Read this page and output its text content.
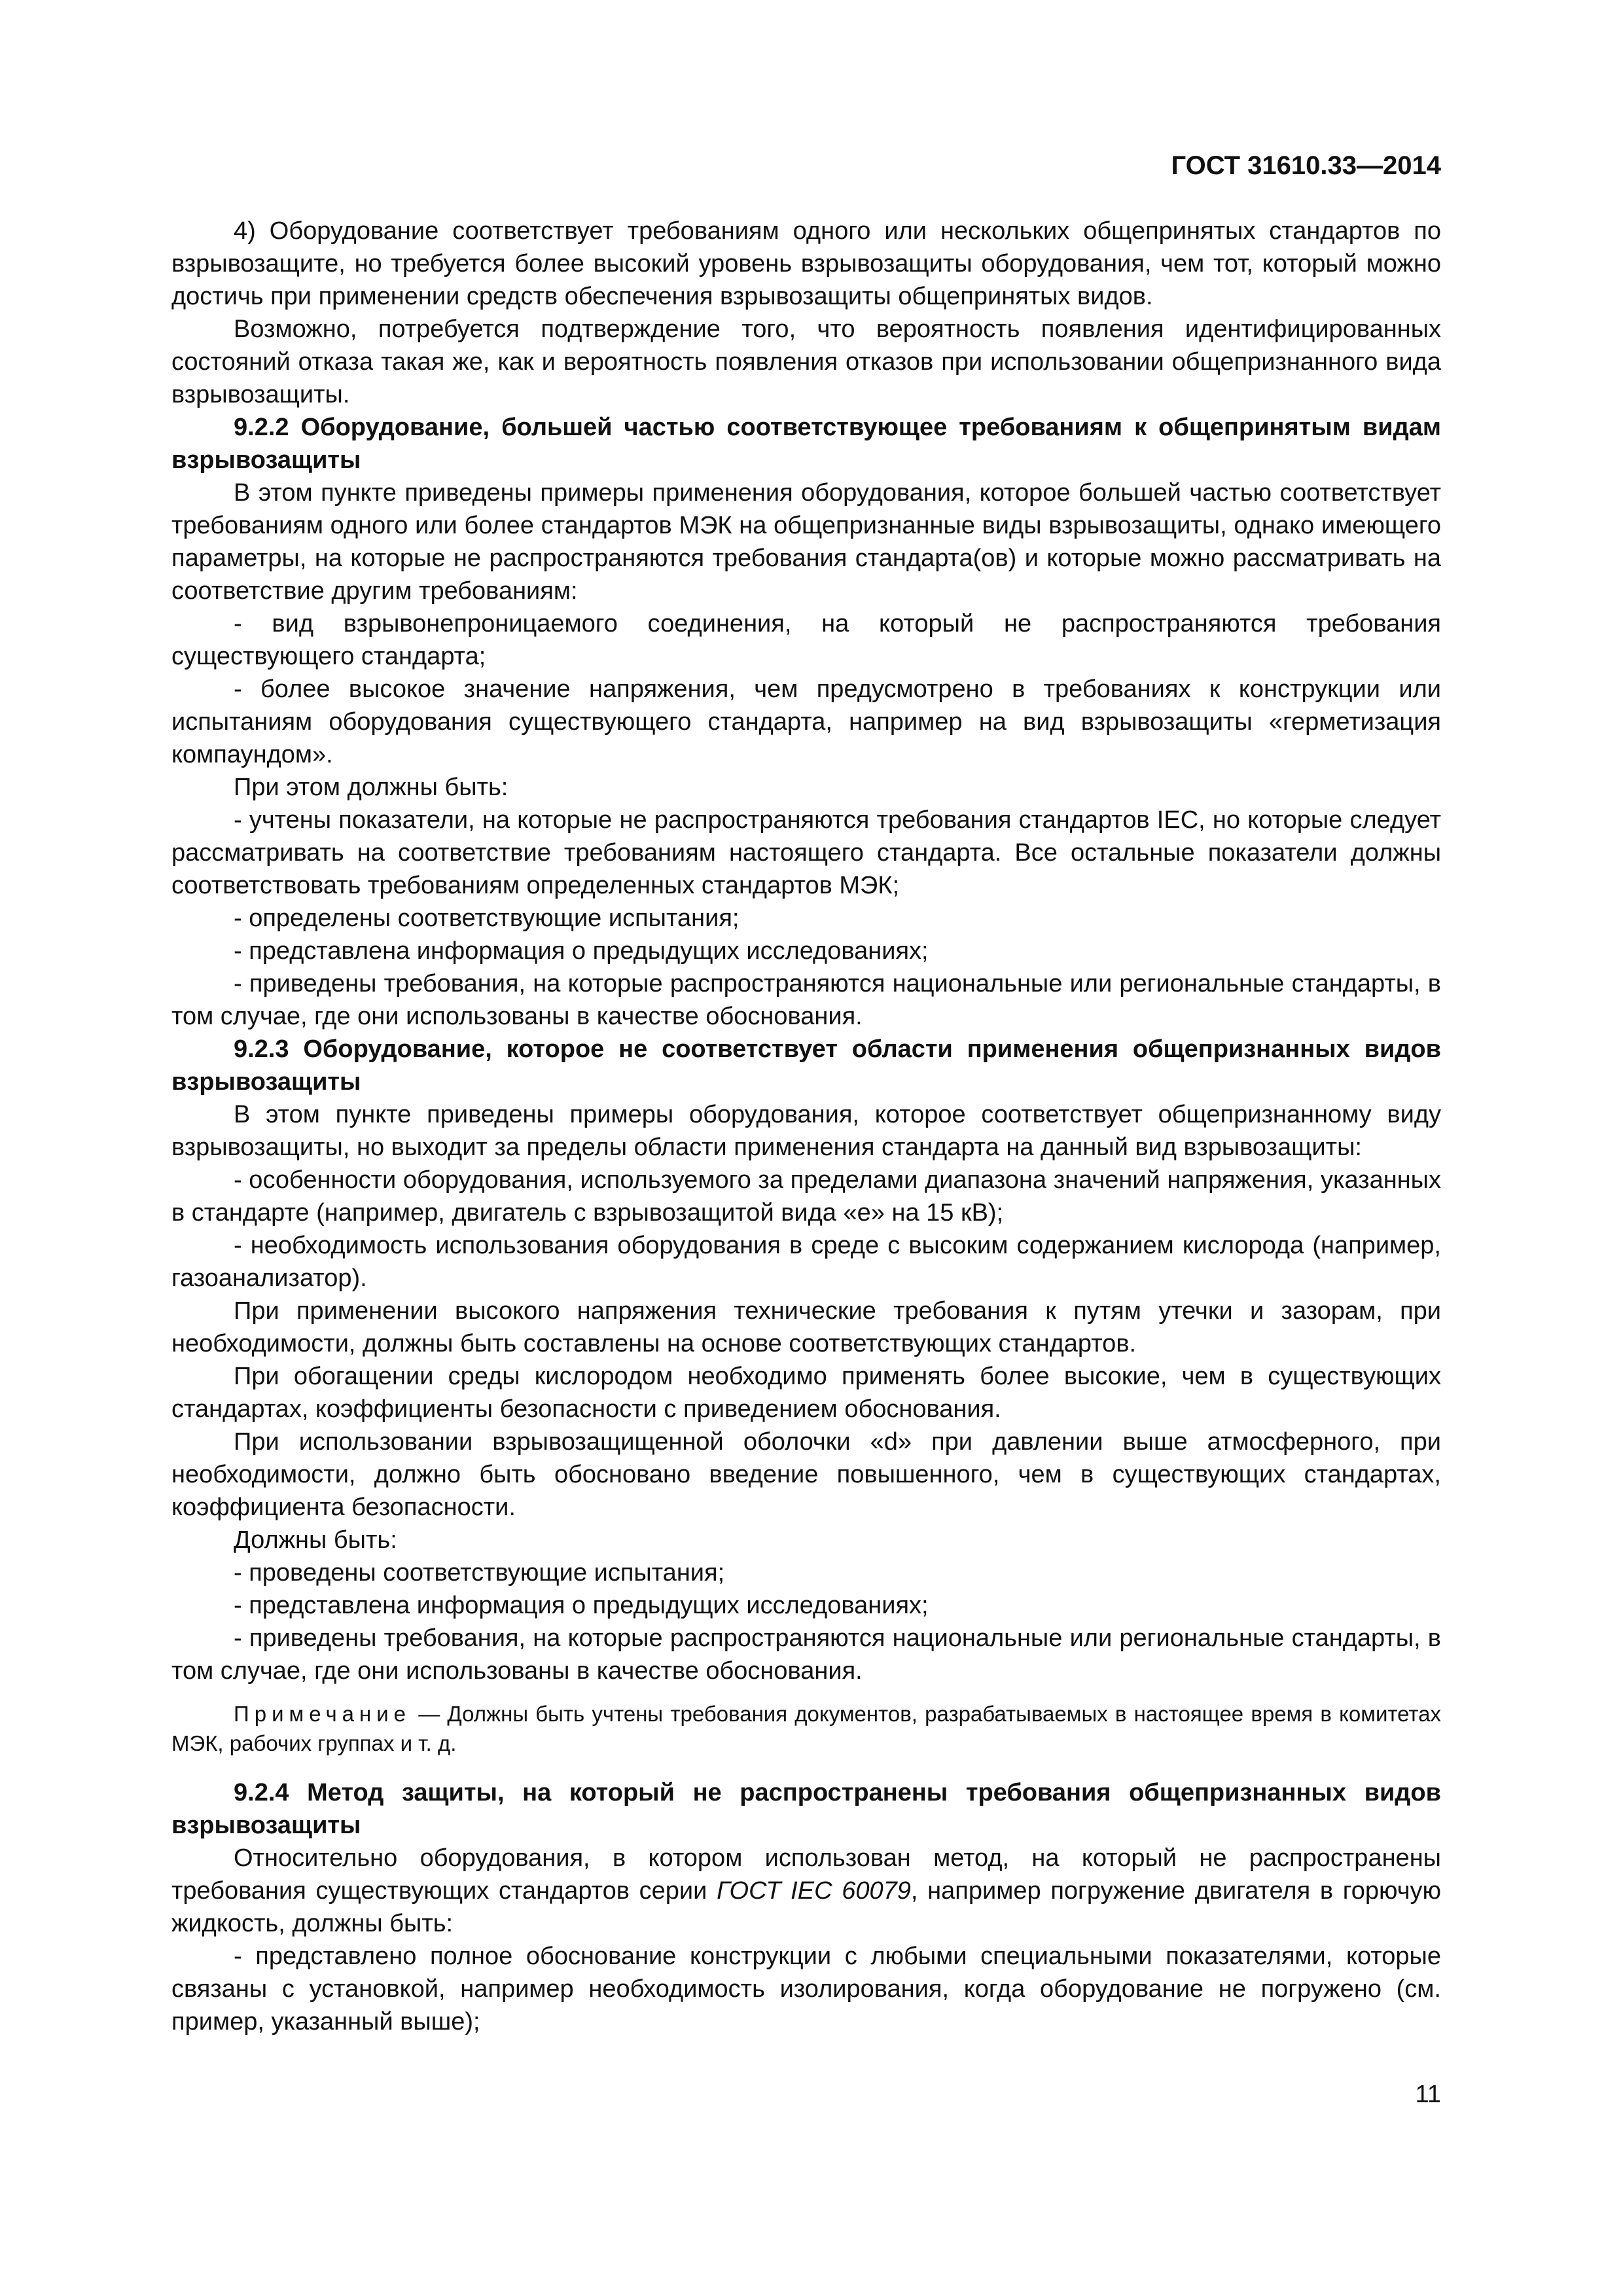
ГОСТ 31610.33—2014

4) Оборудование соответствует требованиям одного или нескольких общепринятых стандартов по взрывозащите, но требуется более высокий уровень взрывозащиты оборудования, чем тот, который можно достичь при применении средств обеспечения взрывозащиты общепринятых видов.

Возможно, потребуется подтверждение того, что вероятность появления идентифицированных состояний отказа такая же, как и вероятность появления отказов при использовании общепризнанного вида взрывозащиты.

9.2.2 Оборудование, большей частью соответствующее требованиям к общепринятым видам взрывозащиты

В этом пункте приведены примеры применения оборудования, которое большей частью соответствует требованиям одного или более стандартов МЭК на общепризнанные виды взрывозащиты, однако имеющего параметры, на которые не распространяются требования стандарта(ов) и которые можно рассматривать на соответствие другим требованиям:

- вид взрывонепроницаемого соединения, на который не распространяются требования существующего стандарта;

- более высокое значение напряжения, чем предусмотрено в требованиях к конструкции или испытаниям оборудования существующего стандарта, например на вид взрывозащиты «герметизация компаундом».

При этом должны быть:

- учтены показатели, на которые не распространяются требования стандартов IEC, но которые следует рассматривать на соответствие требованиям настоящего стандарта. Все остальные показатели должны соответствовать требованиям определенных стандартов МЭК;

- определены соответствующие испытания;

- представлена информация о предыдущих исследованиях;

- приведены требования, на которые распространяются национальные или региональные стандарты, в том случае, где они использованы в качестве обоснования.

9.2.3 Оборудование, которое не соответствует области применения общепризнанных видов взрывозащиты

В этом пункте приведены примеры оборудования, которое соответствует общепризнанному виду взрывозащиты, но выходит за пределы области применения стандарта на данный вид взрывозащиты:

- особенности оборудования, используемого за пределами диапазона значений напряжения, указанных в стандарте (например, двигатель с взрывозащитой вида «е» на 15 кВ);

- необходимость использования оборудования в среде с высоким содержанием кислорода (например, газоанализатор).

При применении высокого напряжения технические требования к путям утечки и зазорам, при необходимости, должны быть составлены на основе соответствующих стандартов.

При обогащении среды кислородом необходимо применять более высокие, чем в существующих стандартах, коэффициенты безопасности с приведением обоснования.

При использовании взрывозащищенной оболочки «d» при давлении выше атмосферного, при необходимости, должно быть обосновано введение повышенного, чем в существующих стандартах, коэффициента безопасности.

Должны быть:

- проведены соответствующие испытания;

- представлена информация о предыдущих исследованиях;

- приведены требования, на которые распространяются национальные или региональные стандарты, в том случае, где они использованы в качестве обоснования.

Примечание — Должны быть учтены требования документов, разрабатываемых в настоящее время в комитетах МЭК, рабочих группах и т. д.

9.2.4 Метод защиты, на который не распространены требования общепризнанных видов взрывозащиты

Относительно оборудования, в котором использован метод, на который не распространены требования существующих стандартов серии ГОСТ IEC 60079, например погружение двигателя в горючую жидкость, должны быть:

- представлено полное обоснование конструкции с любыми специальными показателями, которые связаны с установкой, например необходимость изолирования, когда оборудование не погружено (см. пример, указанный выше);

11
